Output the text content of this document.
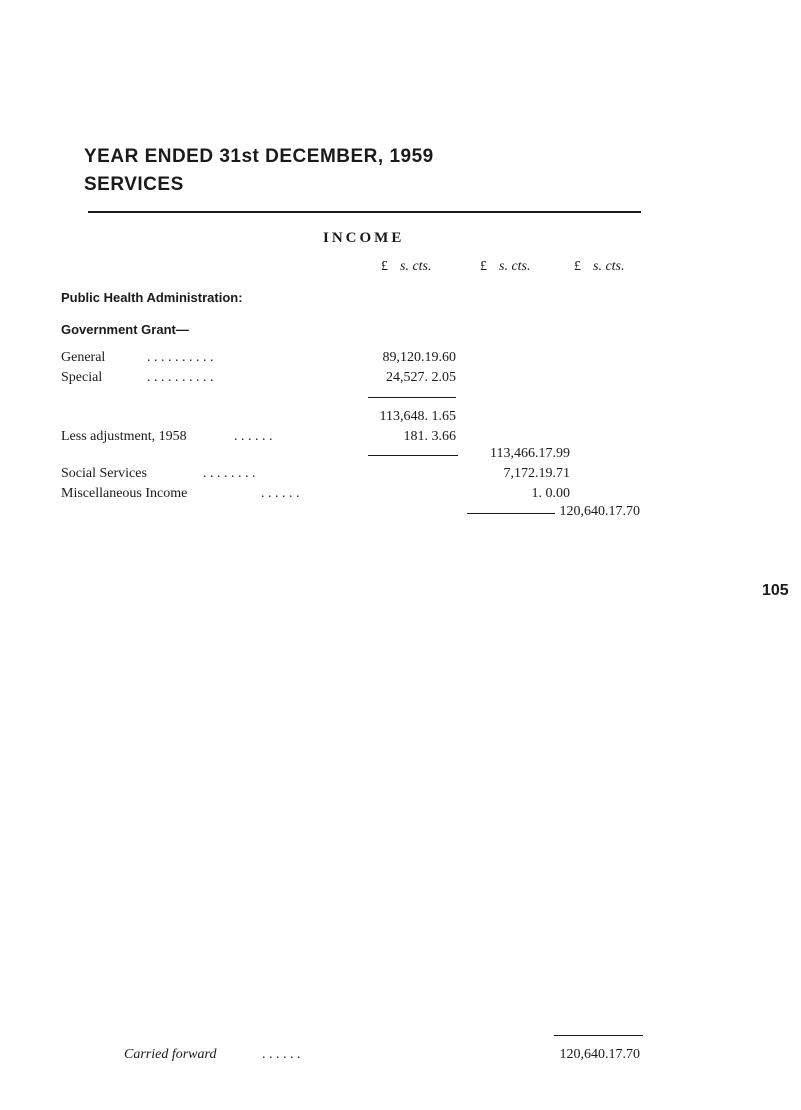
YEAR ENDED 31st DECEMBER, 1959
SERVICES
INCOME
£ s. cts.	£ s. cts.	£ s. cts.
Public Health Administration:
Government Grant—
General	. . . . . . . . . .	89,120.19.60
Special	. . . . . . . . . .	24,527. 2.05
113,648. 1.65
Less adjustment, 1958	. . . . . .	181. 3.66
113,466.17.99
Social Services	. . . . . . . .	7,172.19.71
Miscellaneous Income	. . . . . .	1. 0.00
120,640.17.70
105
Carried forward	. . . . . .	120,640.17.70
